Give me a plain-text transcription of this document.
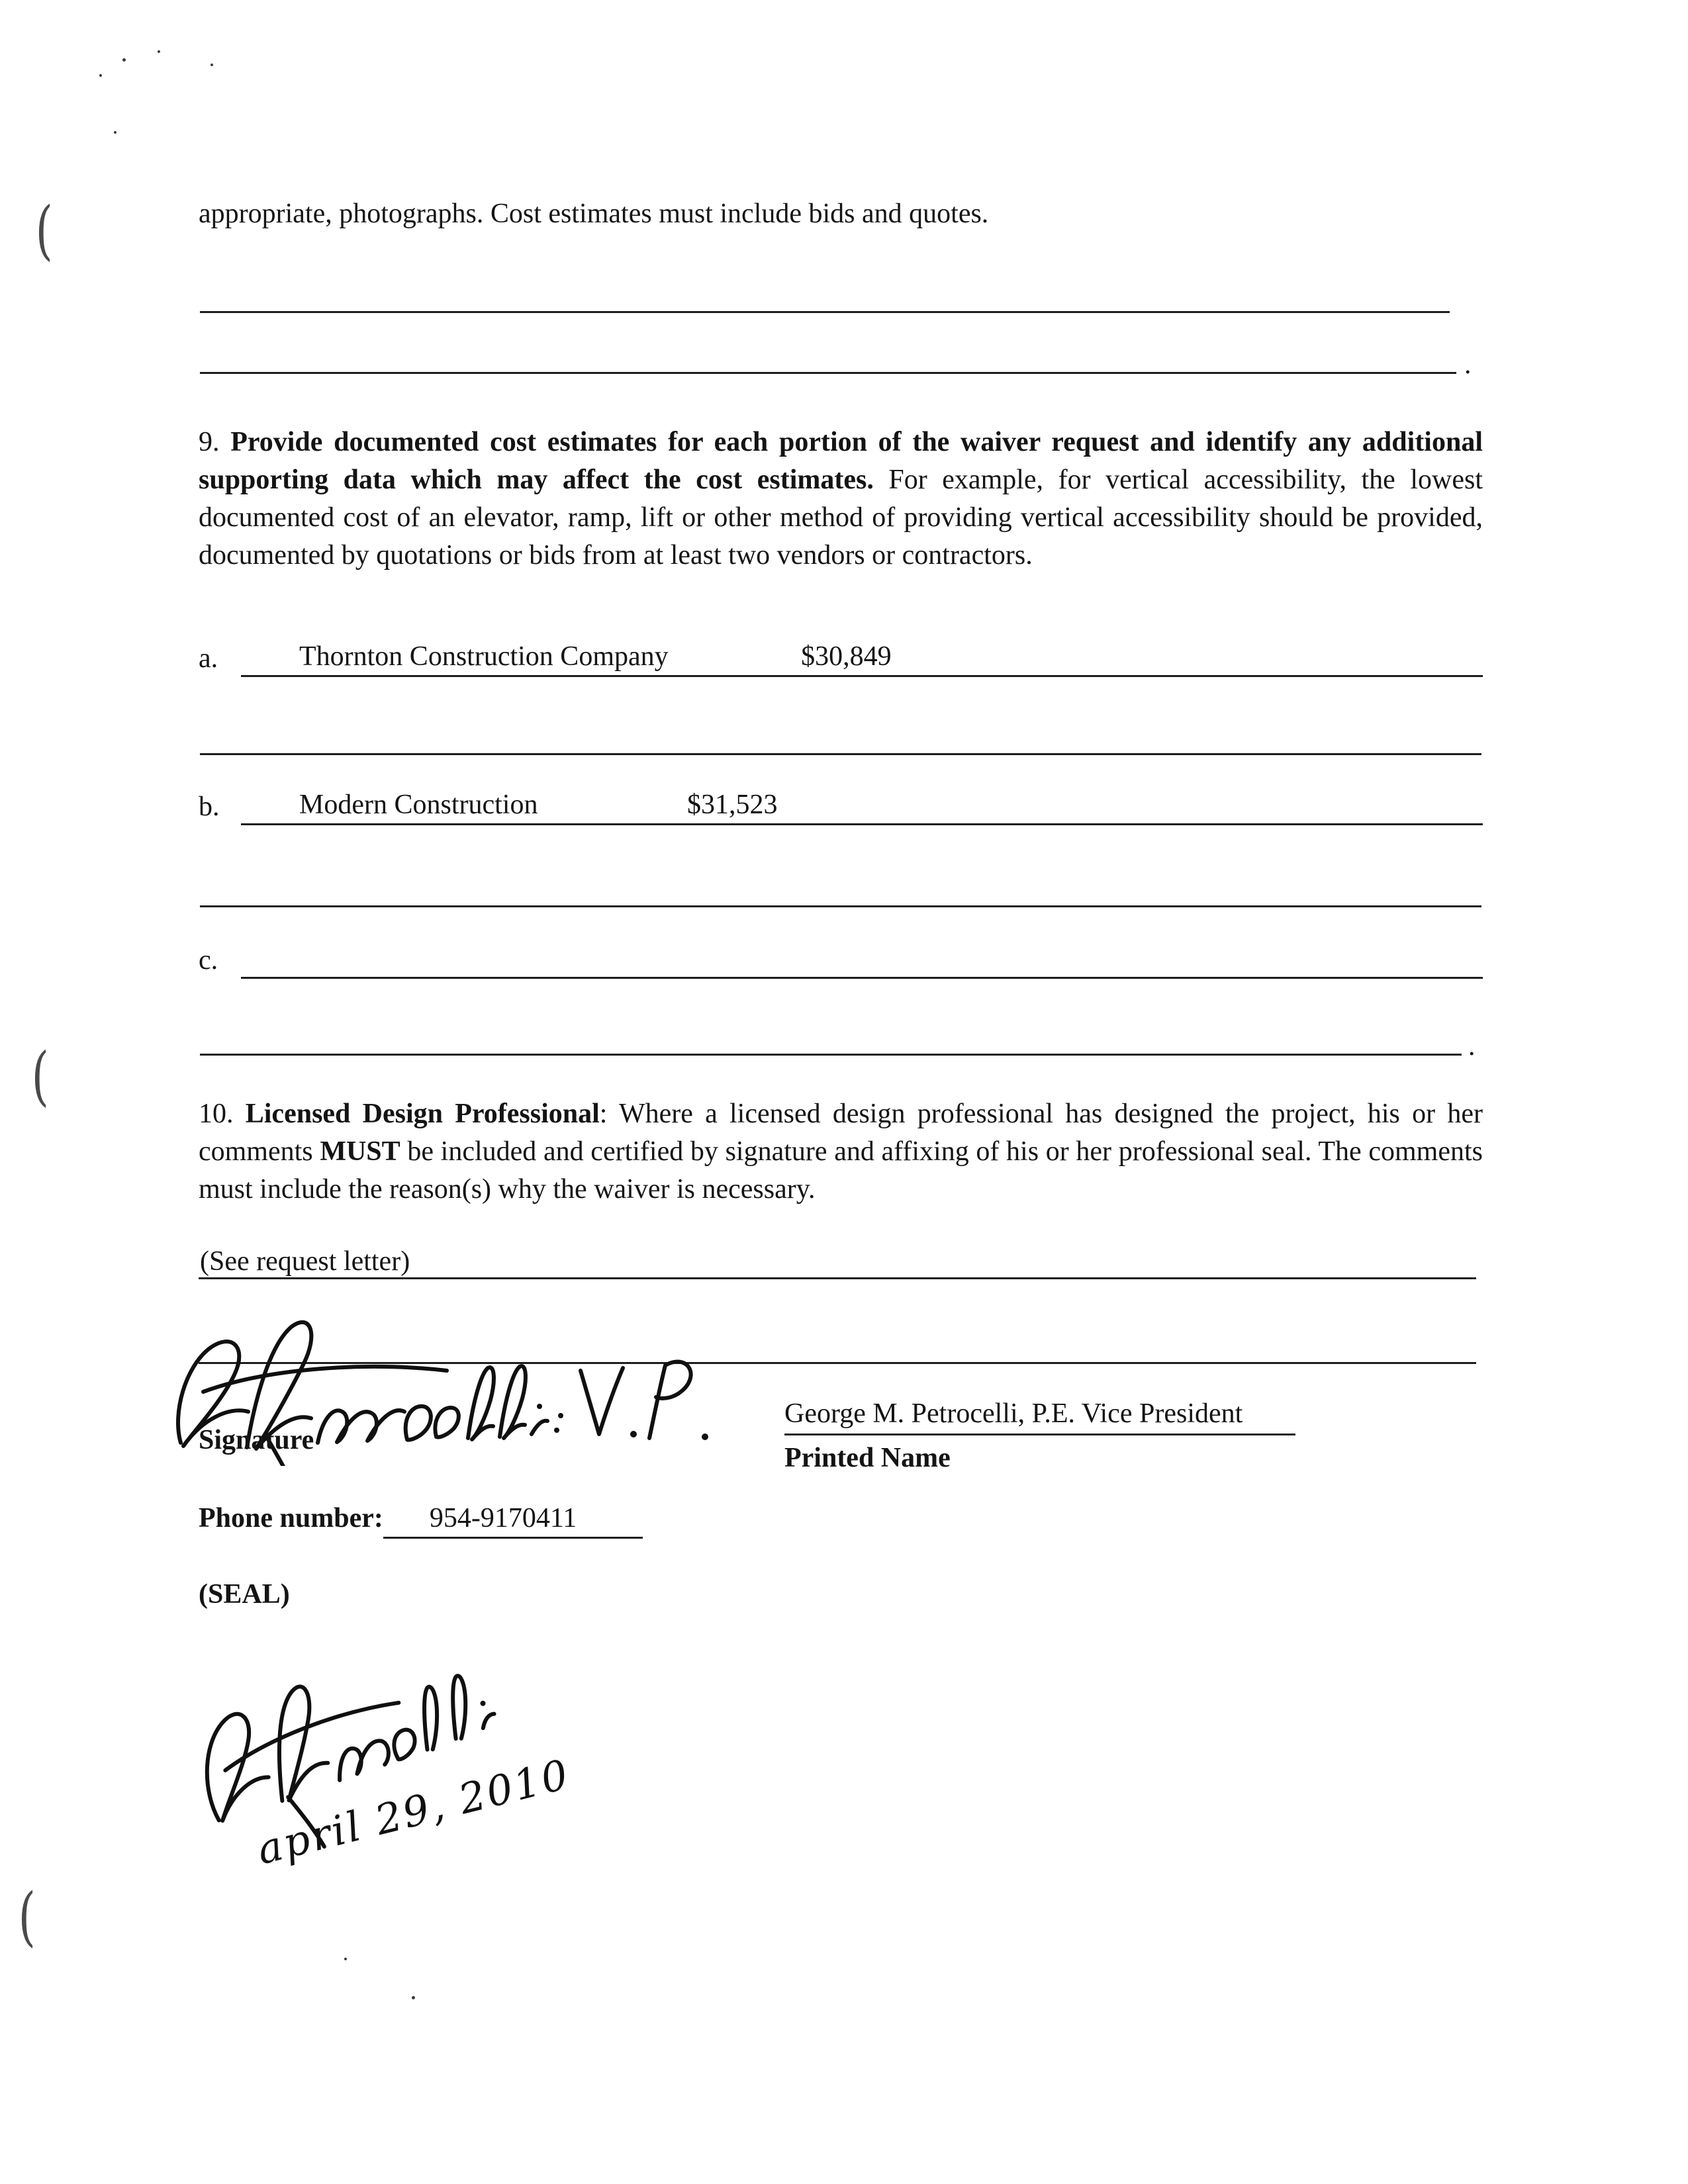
(
(
(
appropriate, photographs. Cost estimates must include bids and quotes.
.
9. Provide documented cost estimates for each portion of the waiver request and identify any additional supporting data which may affect the cost estimates. For example, for vertical accessibility, the lowest documented cost of an elevator, ramp, lift or other method of providing vertical accessibility should be provided, documented by quotations or bids from at least two vendors or contractors.
a.	Thornton Construction Company	$30,849
b.	Modern Construction	$31,523
c.
.
10. Licensed Design Professional: Where a licensed design professional has designed the project, his or her comments MUST be included and certified by signature and affixing of his or her professional seal. The comments must include the reason(s) why the waiver is necessary.
(See request letter)
Signature
George M. Petrocelli, P.E. Vice President
Printed Name
Phone number: 954-9170411
(SEAL)
april 29, 2010
